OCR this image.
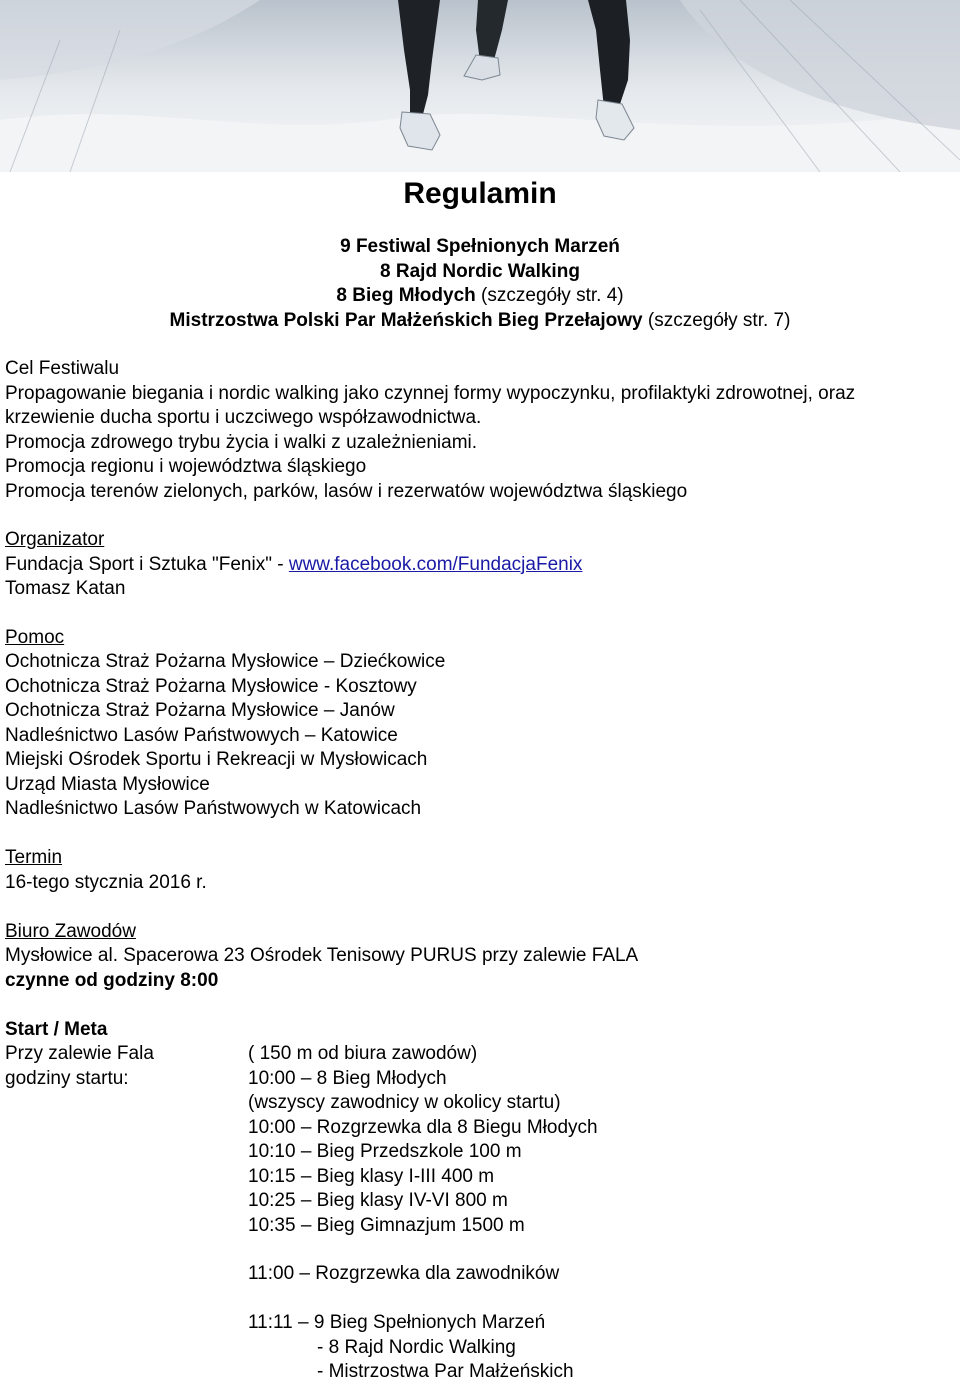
Regulamin
9 Festiwal Spełnionych Marzeń
8 Rajd Nordic Walking
8 Bieg Młodych (szczegóły str. 4)
Mistrzostwa Polski Par Małżeńskich Bieg Przełajowy (szczegóły str. 7)
Cel Festiwalu
Propagowanie biegania i nordic walking jako czynnej formy wypoczynku, profilaktyki zdrowotnej, oraz
krzewienie ducha sportu i uczciwego współzawodnictwa.
Promocja zdrowego trybu życia i walki z uzależnieniami.
Promocja regionu i województwa śląskiego
Promocja terenów zielonych, parków, lasów i rezerwatów województwa śląskiego
Organizator
Fundacja Sport i Sztuka "Fenix" - www.facebook.com/FundacjaFenix
Tomasz Katan
Pomoc
Ochotnicza Straż Pożarna Mysłowice – Dziećkowice
Ochotnicza Straż Pożarna Mysłowice - Kosztowy
Ochotnicza Straż Pożarna Mysłowice – Janów
Nadleśnictwo Lasów Państwowych – Katowice
Miejski Ośrodek Sportu i Rekreacji w Mysłowicach
Urząd Miasta Mysłowice
Nadleśnictwo Lasów Państwowych w Katowicach
Termin
16-tego stycznia 2016 r.
Biuro Zawodów
Mysłowice al. Spacerowa 23 Ośrodek Tenisowy PURUS przy zalewie FALA
czynne od godziny 8:00
Start / Meta
Przy zalewie Fala	( 150 m od biura zawodów)
godziny startu:	10:00 – 8 Bieg Młodych
(wszyscy zawodnicy w okolicy startu)
10:00 – Rozgrzewka dla 8 Biegu Młodych
10:10 – Bieg Przedszkole 100 m
10:15 – Bieg klasy I-III 400 m
10:25 – Bieg klasy IV-VI 800 m
10:35 – Bieg Gimnazjum 1500 m
11:00 – Rozgrzewka dla zawodników
11:11 – 9 Bieg Spełnionych Marzeń
- 8 Rajd Nordic Walking
- Mistrzostwa Par Małżeńskich
